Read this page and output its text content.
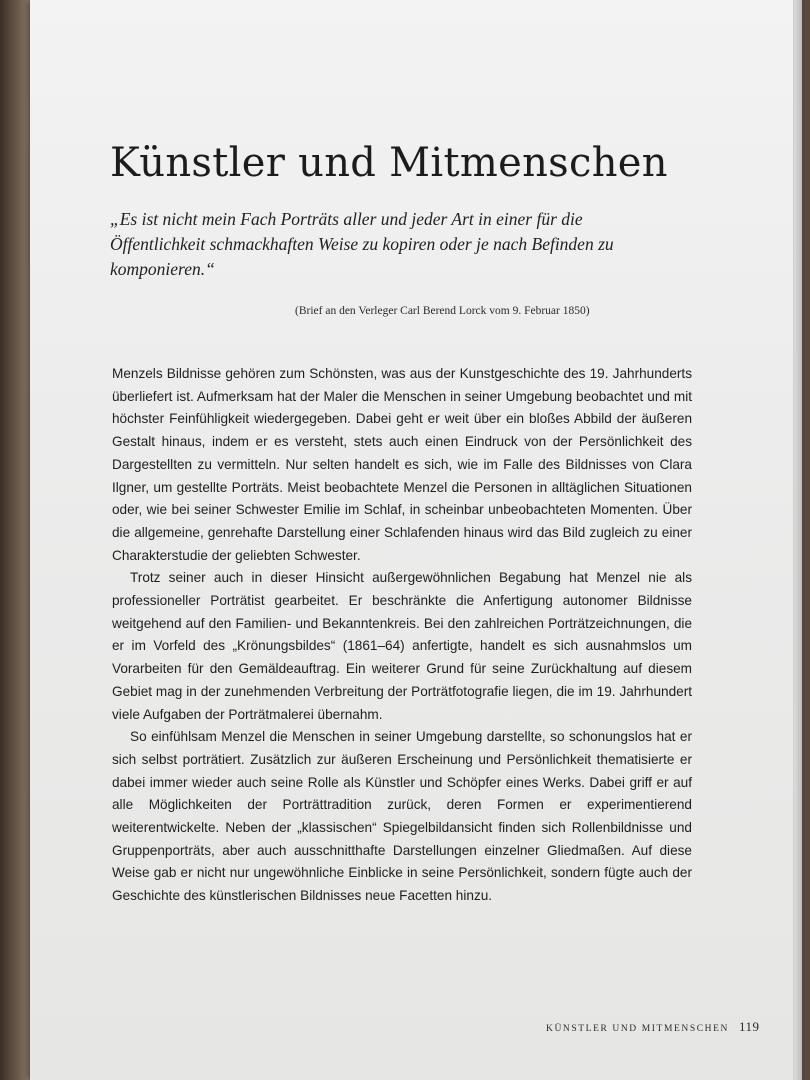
Künstler und Mitmenschen

„Es ist nicht mein Fach Porträts aller und jeder Art in einer für die Öffentlichkeit schmackhaften Weise zu kopiren oder je nach Befinden zu komponieren.“

(Brief an den Verleger Carl Berend Lorck vom 9. Februar 1850)

Menzels Bildnisse gehören zum Schönsten, was aus der Kunstgeschichte des 19. Jahrhunderts überliefert ist. Aufmerksam hat der Maler die Menschen in seiner Umgebung beobachtet und mit höchster Feinfühligkeit wiedergegeben. Dabei geht er weit über ein bloßes Abbild der äußeren Gestalt hinaus, indem er es versteht, stets auch einen Eindruck von der Persönlichkeit des Dargestellten zu vermitteln. Nur selten handelt es sich, wie im Falle des Bildnisses von Clara Ilgner, um gestellte Porträts. Meist beobachtete Menzel die Personen in alltäglichen Situationen oder, wie bei seiner Schwester Emilie im Schlaf, in scheinbar unbeobachteten Momenten. Über die allgemeine, genrehafte Darstellung einer Schlafenden hinaus wird das Bild zugleich zu einer Charakterstudie der geliebten Schwester.

Trotz seiner auch in dieser Hinsicht außergewöhnlichen Begabung hat Menzel nie als professioneller Porträtist gearbeitet. Er beschränkte die Anfertigung autonomer Bildnisse weitgehend auf den Familien- und Bekanntenkreis. Bei den zahlreichen Porträtzeichnungen, die er im Vorfeld des „Krönungsbildes“ (1861–64) anfertigte, handelt es sich ausnahmslos um Vorarbeiten für den Gemäldeauftrag. Ein weiterer Grund für seine Zurückhaltung auf diesem Gebiet mag in der zunehmenden Verbreitung der Porträtfotografie liegen, die im 19. Jahrhundert viele Aufgaben der Porträtmalerei übernahm.

So einfühlsam Menzel die Menschen in seiner Umgebung darstellte, so schonungslos hat er sich selbst porträtiert. Zusätzlich zur äußeren Erscheinung und Persönlichkeit thematisierte er dabei immer wieder auch seine Rolle als Künstler und Schöpfer eines Werks. Dabei griff er auf alle Möglichkeiten der Porträttradition zurück, deren Formen er experimentierend weiterentwickelte. Neben der „klassischen“ Spiegelbildansicht finden sich Rollenbildnisse und Gruppenporträts, aber auch ausschnitthafte Darstellungen einzelner Gliedmaßen. Auf diese Weise gab er nicht nur ungewöhnliche Einblicke in seine Persönlichkeit, sondern fügte auch der Geschichte des künstlerischen Bildnisses neue Facetten hinzu.

KÜNSTLER UND MITMENSCHEN 119
